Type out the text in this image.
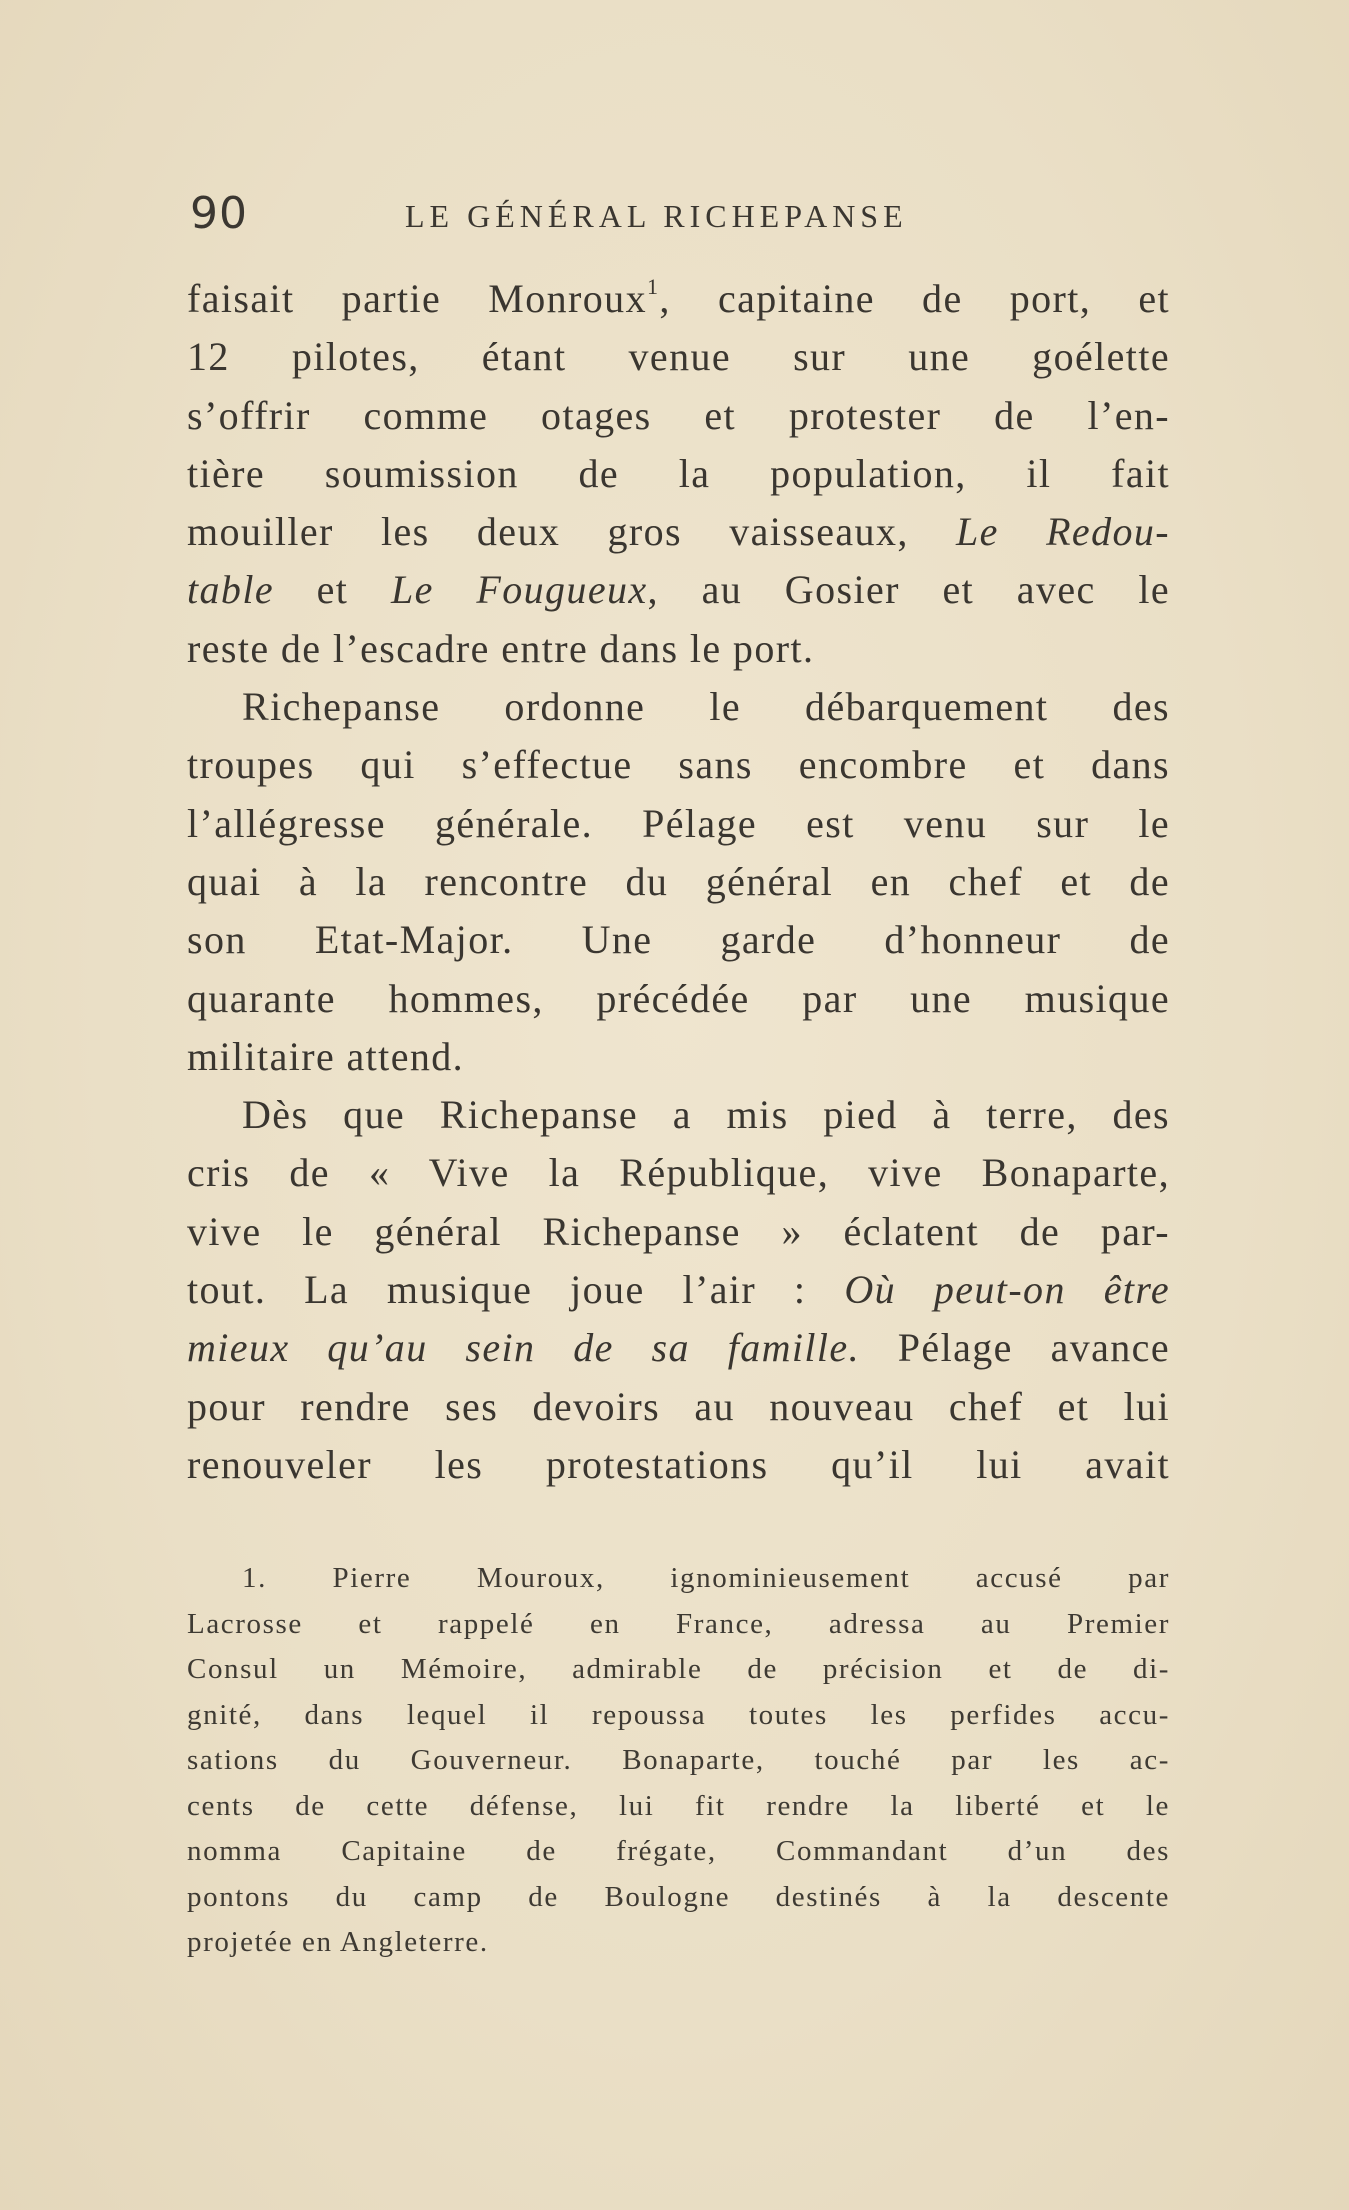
90	LE GÉNÉRAL RICHEPANSE
faisait partie Monroux$^1$, capitaine de port, et
12 pilotes, étant venue sur une goélette
s’offrir comme otages et protester de l’en-
tière soumission de la population, il fait
mouiller les deux gros vaisseaux, Le Redou-
table et Le Fougueux, au Gosier et avec le
reste de l’escadre entre dans le port.
Richepanse ordonne le débarquement des
troupes qui s’effectue sans encombre et dans
l’allégresse générale. Pélage est venu sur le
quai à la rencontre du général en chef et de
son Etat-Major. Une garde d’honneur de
quarante hommes, précédée par une musique
militaire attend.
Dès que Richepanse a mis pied à terre, des
cris de « Vive la République, vive Bonaparte,
vive le général Richepanse » éclatent de par-
tout. La musique joue l’air : Où peut-on être
mieux qu’au sein de sa famille. Pélage avance
pour rendre ses devoirs au nouveau chef et lui
renouveler les protestations qu’il lui avait
1. Pierre Mouroux, ignominieusement accusé par
Lacrosse et rappelé en France, adressa au Premier
Consul un Mémoire, admirable de précision et de di-
gnité, dans lequel il repoussa toutes les perfides accu-
sations du Gouverneur. Bonaparte, touché par les ac-
cents de cette défense, lui fit rendre la liberté et le
nomma Capitaine de frégate, Commandant d’un des
pontons du camp de Boulogne destinés à la descente
projetée en Angleterre.
